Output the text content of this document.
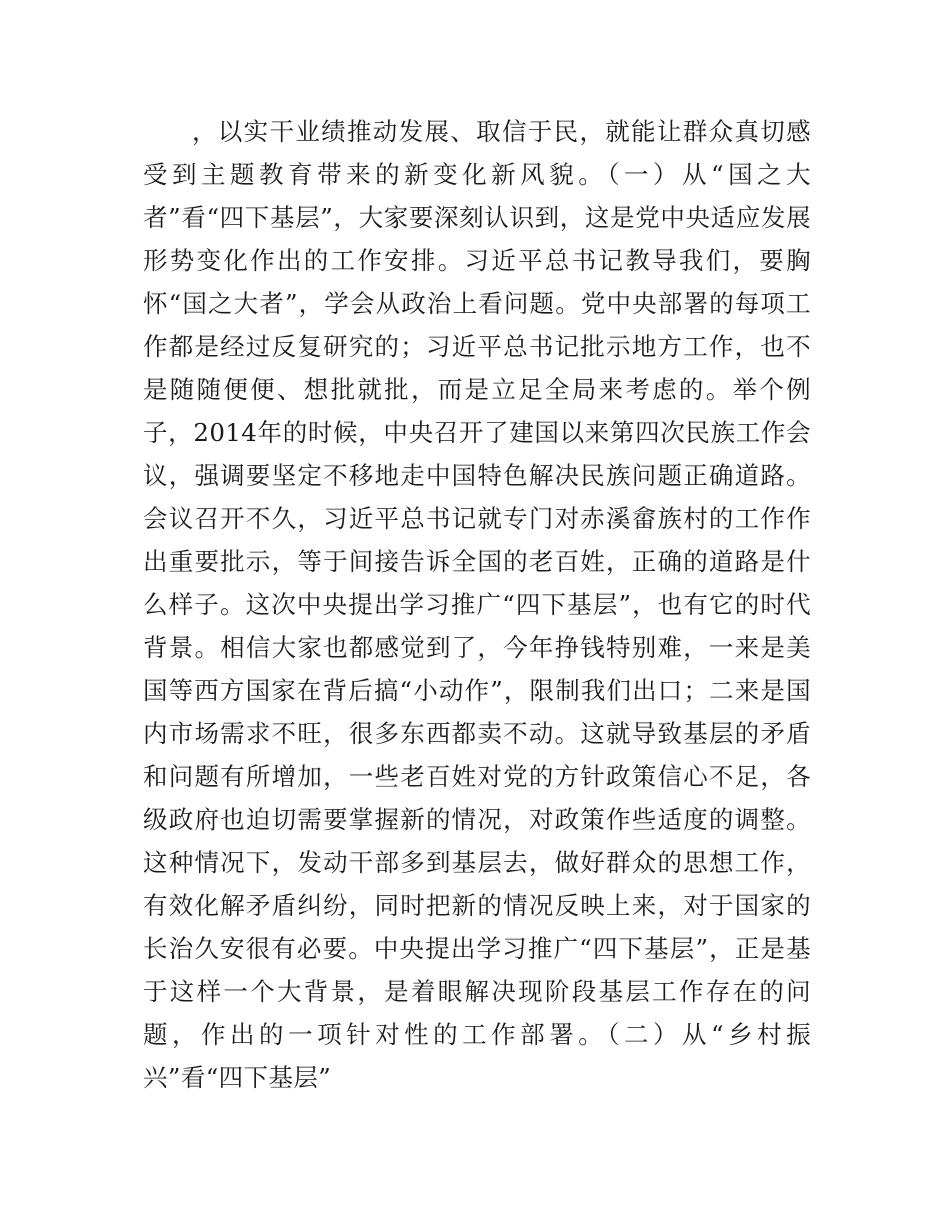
，以实干业绩推动发展、取信于民，就能让群众真切感受到主题教育带来的新变化新风貌。（一）从“国之大者”看“四下基层”，大家要深刻认识到，这是党中央适应发展形势变化作出的工作安排。习近平总书记教导我们，要胸怀“国之大者”，学会从政治上看问题。党中央部署的每项工作都是经过反复研究的；习近平总书记批示地方工作，也不是随随便便、想批就批，而是立足全局来考虑的。举个例子，2014年的时候，中央召开了建国以来第四次民族工作会议，强调要坚定不移地走中国特色解决民族问题正确道路。会议召开不久，习近平总书记就专门对赤溪畲族村的工作作出重要批示，等于间接告诉全国的老百姓，正确的道路是什么样子。这次中央提出学习推广“四下基层”，也有它的时代背景。相信大家也都感觉到了，今年挣钱特别难，一来是美国等西方国家在背后搞“小动作”，限制我们出口；二来是国内市场需求不旺，很多东西都卖不动。这就导致基层的矛盾和问题有所增加，一些老百姓对党的方针政策信心不足，各级政府也迫切需要掌握新的情况，对政策作些适度的调整。这种情况下，发动干部多到基层去，做好群众的思想工作，有效化解矛盾纠纷，同时把新的情况反映上来，对于国家的长治久安很有必要。中央提出学习推广“四下基层”，正是基于这样一个大背景，是着眼解决现阶段基层工作存在的问题，作出的一项针对性的工作部署。（二）从“乡村振兴”看“四下基层”
